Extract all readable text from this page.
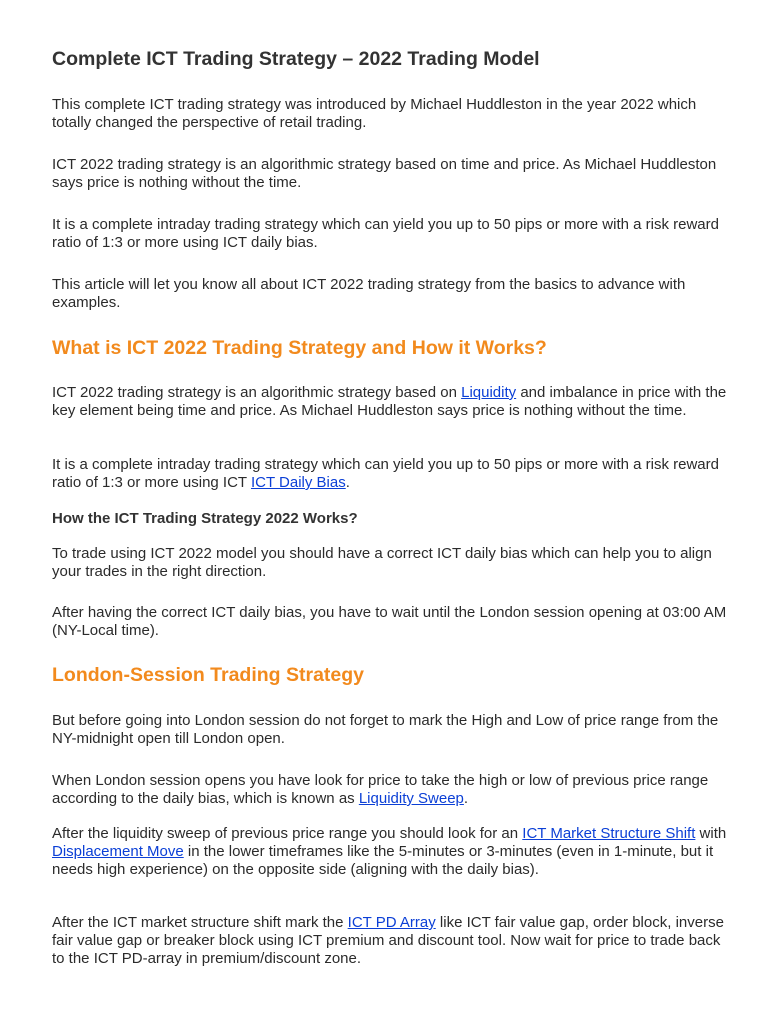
Complete ICT Trading Strategy – 2022 Trading Model

This complete ICT trading strategy was introduced by Michael Huddleston in the year 2022 which totally changed the perspective of retail trading.

ICT 2022 trading strategy is an algorithmic strategy based on time and price. As Michael Huddleston says price is nothing without the time.

It is a complete intraday trading strategy which can yield you up to 50 pips or more with a risk reward ratio of 1:3 or more using ICT daily bias.

This article will let you know all about ICT 2022 trading strategy from the basics to advance with examples.

What is ICT 2022 Trading Strategy and How it Works?

ICT 2022 trading strategy is an algorithmic strategy based on Liquidity and imbalance in price with the key element being time and price. As Michael Huddleston says price is nothing without the time.

It is a complete intraday trading strategy which can yield you up to 50 pips or more with a risk reward ratio of 1:3 or more using ICT ICT Daily Bias.

How the ICT Trading Strategy 2022 Works?

To trade using ICT 2022 model you should have a correct ICT daily bias which can help you to align your trades in the right direction.

After having the correct ICT daily bias, you have to wait until the London session opening at 03:00 AM (NY-Local time).

London-Session Trading Strategy

But before going into London session do not forget to mark the High and Low of price range from the NY-midnight open till London open.

When London session opens you have look for price to take the high or low of previous price range according to the daily bias, which is known as Liquidity Sweep.

After the liquidity sweep of previous price range you should look for an ICT Market Structure Shift with Displacement Move in the lower timeframes like the 5-minutes or 3-minutes (even in 1-minute, but it needs high experience) on the opposite side (aligning with the daily bias).

After the ICT market structure shift mark the ICT PD Array like ICT fair value gap, order block, inverse fair value gap or breaker block using ICT premium and discount tool. Now wait for price to trade back to the ICT PD-array in premium/discount zone.
